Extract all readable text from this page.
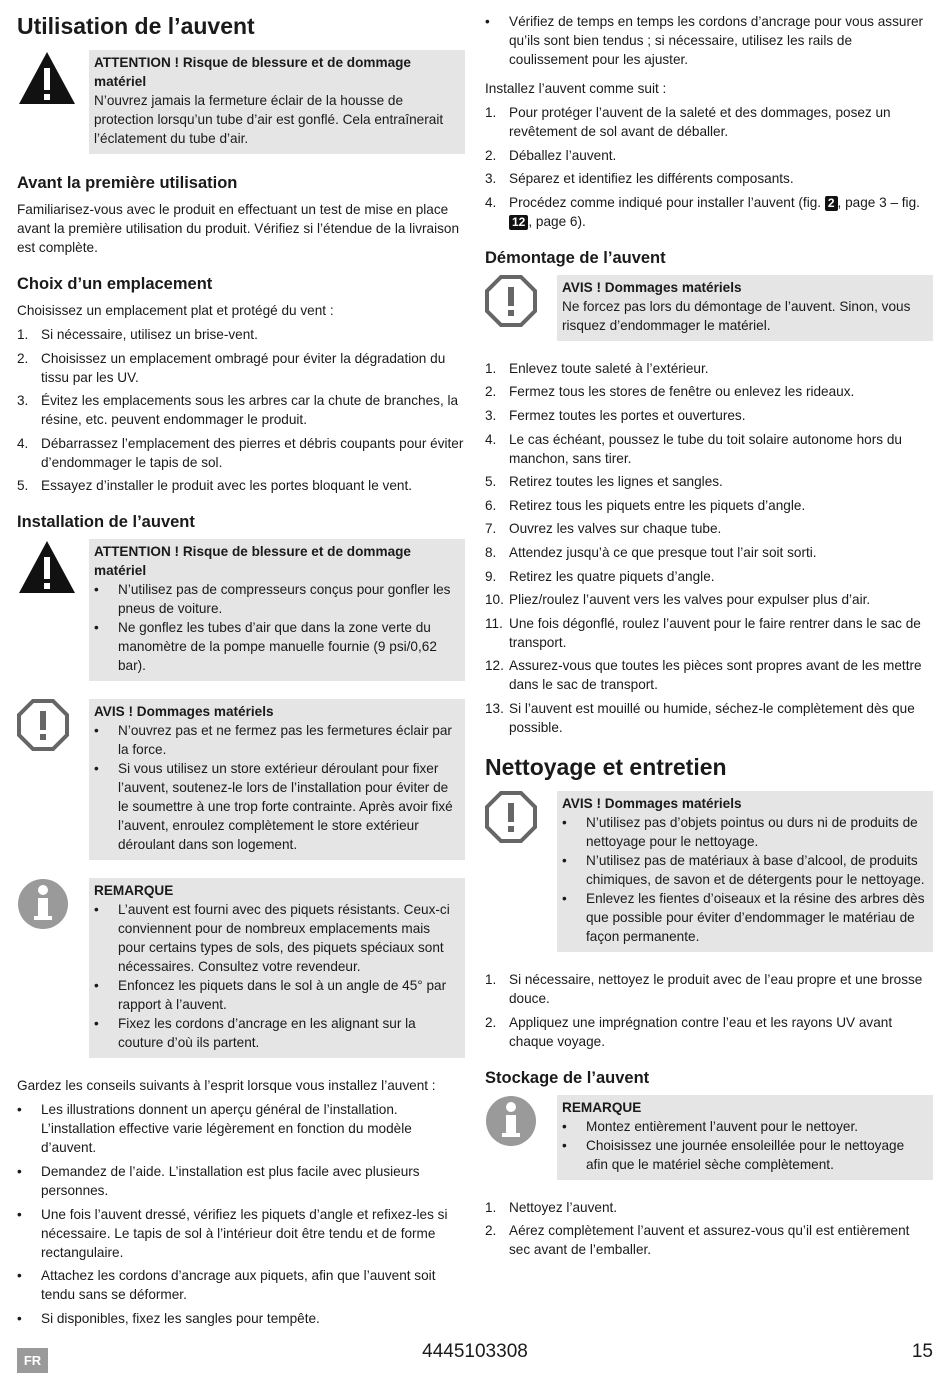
Utilisation de l’auvent
ATTENTION ! Risque de blessure et de dommage matériel
N’ouvrez jamais la fermeture éclair de la housse de protection lorsqu’un tube d’air est gonflé. Cela entraînerait l’éclatement du tube d’air.
Avant la première utilisation

Familiarisez-vous avec le produit en effectuant un test de mise en place avant la première utilisation du produit. Vérifiez si l’étendue de la livraison est complète.

Choix d’un emplacement

Choisissez un emplacement plat et protégé du vent :

1. Si nécessaire, utilisez un brise-vent.
2. Choisissez un emplacement ombragé pour éviter la dégradation du tissu par les UV.
3. Évitez les emplacements sous les arbres car la chute de branches, la résine, etc. peuvent endommager le produit.
4. Débarrassez l’emplacement des pierres et débris coupants pour éviter d’endommager le tapis de sol.
5. Essayez d’installer le produit avec les portes bloquant le vent.
Installation de l’auvent
ATTENTION ! Risque de blessure et de dommage matériel
• N’utilisez pas de compresseurs conçus pour gonfler les pneus de voiture.
• Ne gonflez les tubes d’air que dans la zone verte du manomètre de la pompe manuelle fournie (9 psi/0,62 bar).
AVIS ! Dommages matériels
• N’ouvrez pas et ne fermez pas les fermetures éclair par la force.
• Si vous utilisez un store extérieur déroulant pour fixer l’auvent, soutenez-le lors de l’installation pour éviter de le soumettre à une trop forte contrainte. Après avoir fixé l’auvent, enroulez complètement le store extérieur déroulant dans son logement.
REMARQUE
• L’auvent est fourni avec des piquets résistants. Ceux-ci conviennent pour de nombreux emplacements mais pour certains types de sols, des piquets spéciaux sont nécessaires. Consultez votre revendeur.
• Enfoncez les piquets dans le sol à un angle de 45° par rapport à l’auvent.
• Fixez les cordons d’ancrage en les alignant sur la couture d’où ils partent.

Gardez les conseils suivants à l’esprit lorsque vous installez l’auvent :

• Les illustrations donnent un aperçu général de l’installation. L’installation effective varie légèrement en fonction du modèle d’auvent.
• Demandez de l’aide. L’installation est plus facile avec plusieurs personnes.
• Une fois l’auvent dressé, vérifiez les piquets d’angle et refixez-les si nécessaire. Le tapis de sol à l’intérieur doit être tendu et de forme rectangulaire.
• Attachez les cordons d’ancrage aux piquets, afin que l’auvent soit tendu sans se déformer.
• Si disponibles, fixez les sangles pour tempête.
• Vérifiez de temps en temps les cordons d’ancrage pour vous assurer qu’ils sont bien tendus ; si nécessaire, utilisez les rails de coulissement pour les ajuster.

Installez l’auvent comme suit :

1. Pour protéger l’auvent de la saleté et des dommages, posez un revêtement de sol avant de déballer.
2. Déballez l’auvent.
3. Séparez et identifiez les différents composants.
4. Procédez comme indiqué pour installer l’auvent (fig. 2 , page 3 – fig. 12 , page 6).
Démontage de l’auvent
AVIS ! Dommages matériels
Ne forcez pas lors du démontage de l’auvent. Sinon, vous risquez d’endommager le matériel.
1. Enlevez toute saleté à l’extérieur.
2. Fermez tous les stores de fenêtre ou enlevez les rideaux.
3. Fermez toutes les portes et ouvertures.
4. Le cas échéant, poussez le tube du toit solaire autonome hors du manchon, sans tirer.
5. Retirez toutes les lignes et sangles.
6. Retirez tous les piquets entre les piquets d’angle.
7. Ouvrez les valves sur chaque tube.
8. Attendez jusqu’à ce que presque tout l’air soit sorti.
9. Retirez les quatre piquets d’angle.
10. Pliez/roulez l’auvent vers les valves pour expulser plus d’air.
11. Une fois dégonflé, roulez l’auvent pour le faire rentrer dans le sac de transport.
12. Assurez-vous que toutes les pièces sont propres avant de les mettre dans le sac de transport.
13. Si l’auvent est mouillé ou humide, séchez-le complètement dès que possible.
Nettoyage et entretien
AVIS ! Dommages matériels
• N’utilisez pas d’objets pointus ou durs ni de produits de nettoyage pour le nettoyage.
• N’utilisez pas de matériaux à base d’alcool, de produits chimiques, de savon et de détergents pour le nettoyage.
• Enlevez les fientes d’oiseaux et la résine des arbres dès que possible pour éviter d’endommager le matériau de façon permanente.
1. Si nécessaire, nettoyez le produit avec de l’eau propre et une brosse douce.
2. Appliquez une imprégnation contre l’eau et les rayons UV avant chaque voyage.
Stockage de l’auvent
REMARQUE
• Montez entièrement l’auvent pour le nettoyer.
• Choisissez une journée ensoleillée pour le nettoyage afin que le matériel sèche complètement.
1. Nettoyez l’auvent.
2. Aérez complètement l’auvent et assurez-vous qu’il est entièrement sec avant de l’emballer.
FR	4445103308	15
